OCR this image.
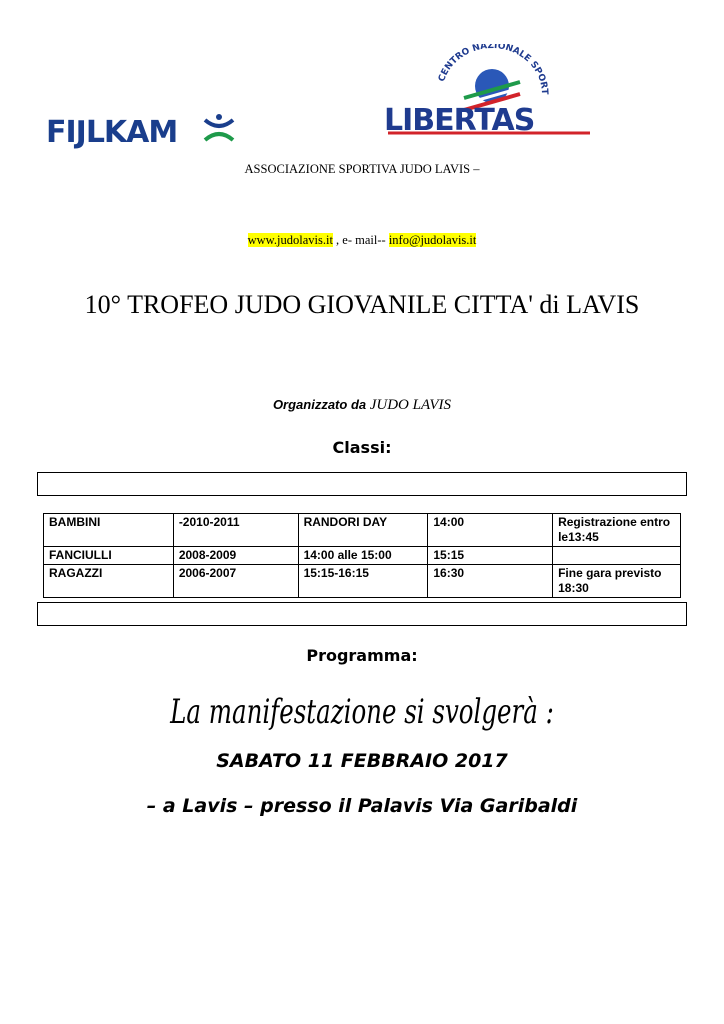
FIJLKAM
CENTRO NAZIONALE SPORT
LIBERTAS
ASSOCIAZIONE SPORTIVA JUDO LAVIS –
www.judolavis.it , e- mail-- info@judolavis.it
10° TROFEO JUDO GIOVANILE CITTA' di LAVIS
Organizzato da JUDO LAVIS
Classi:
BAMBINI	-2010-2011	RANDORI DAY	14:00	Registrazione entro le13:45
FANCIULLI	2008-2009	14:00 alle 15:00	15:15	
RAGAZZI	2006-2007	15:15-16:15	16:30	Fine gara previsto 18:30
Programma:
La manifestazione si svolgerà :
SABATO 11 FEBBRAIO 2017
– a Lavis – presso il Palavis Via Garibaldi
